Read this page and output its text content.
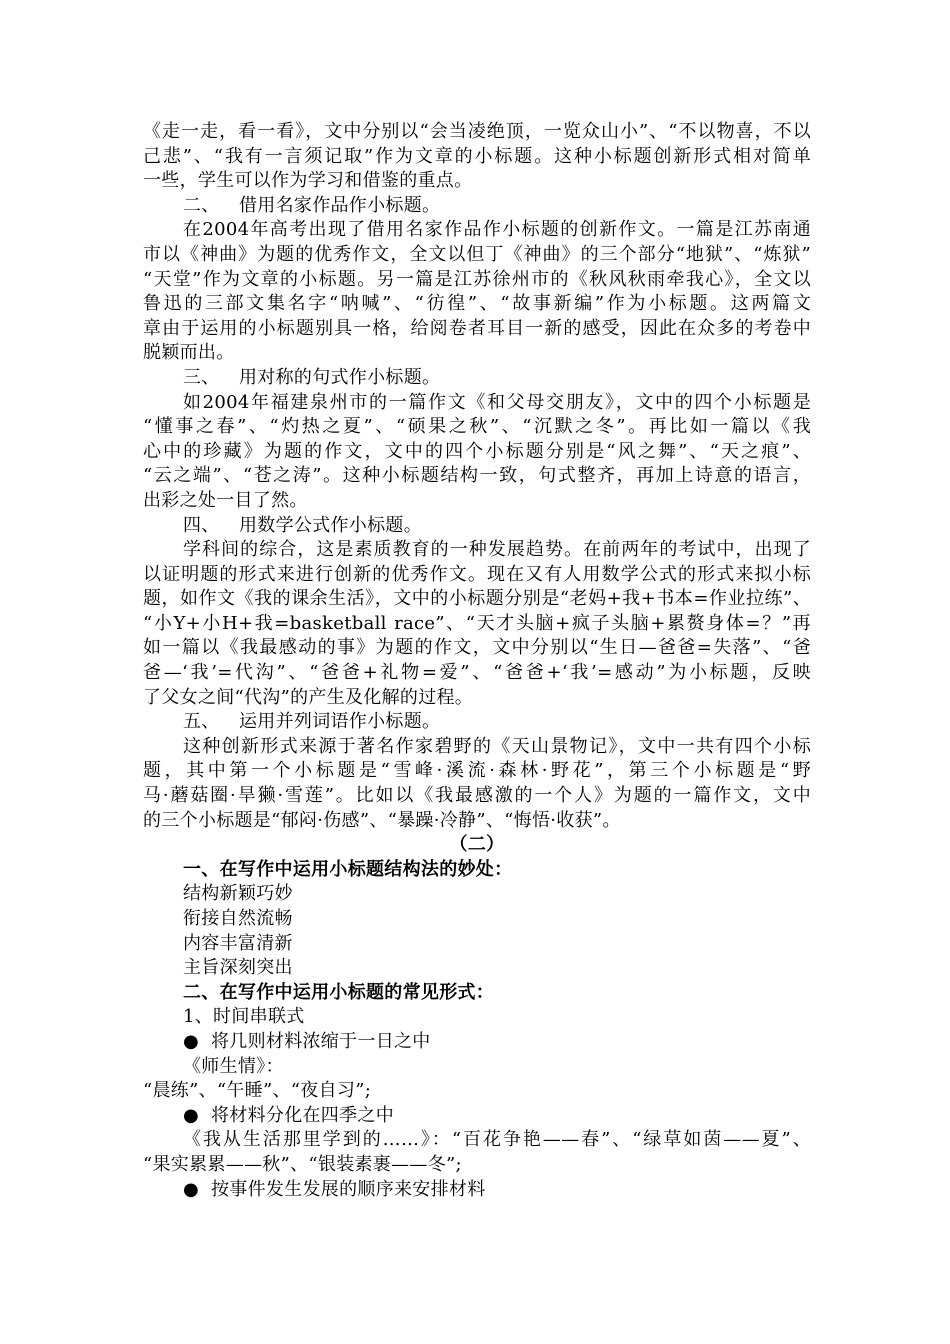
《走一走，看一看》，文中分别以“会当凌绝顶，一览众山小”、“不以物喜，不以
己悲”、“我有一言须记取”作为文章的小标题。这种小标题创新形式相对简单
一些，学生可以作为学习和借鉴的重点。
二、 借用名家作品作小标题。
在2004年高考出现了借用名家作品作小标题的创新作文。一篇是江苏南通
市以《神曲》为题的优秀作文，全文以但丁《神曲》的三个部分“地狱”、“炼狱”
“天堂”作为文章的小标题。另一篇是江苏徐州市的《秋风秋雨牵我心》，全文以
鲁迅的三部文集名字“呐喊”、“彷徨”、“故事新编”作为小标题。这两篇文
章由于运用的小标题别具一格，给阅卷者耳目一新的感受，因此在众多的考卷中
脱颖而出。
三、 用对称的句式作小标题。
如2004年福建泉州市的一篇作文《和父母交朋友》，文中的四个小标题是
“懂事之春”、“灼热之夏”、“硕果之秋”、“沉默之冬”。再比如一篇以《我
心中的珍藏》为题的作文，文中的四个小标题分别是“风之舞”、“天之痕”、
“云之端”、“苍之涛”。这种小标题结构一致，句式整齐，再加上诗意的语言，
出彩之处一目了然。
四、 用数学公式作小标题。
学科间的综合，这是素质教育的一种发展趋势。在前两年的考试中，出现了
以证明题的形式来进行创新的优秀作文。现在又有人用数学公式的形式来拟小标
题，如作文《我的课余生活》，文中的小标题分别是“老妈+我+书本=作业拉练”、
“小Y+小H+我=basketball race”、“天才头脑+疯子头脑+累赘身体=？”再
如一篇以《我最感动的事》为题的作文，文中分别以“生日—爸爸=失落”、“爸
爸—‘我’=代沟”、“爸爸+礼物=爱”、“爸爸+‘我’=感动”为小标题，反映
了父女之间“代沟”的产生及化解的过程。
五、 运用并列词语作小标题。
这种创新形式来源于著名作家碧野的《天山景物记》，文中一共有四个小标
题，其中第一个小标题是“雪峰·溪流·森林·野花”，第三个小标题是“野
马·蘑菇圈·旱獭·雪莲”。比如以《我最感激的一个人》为题的一篇作文，文中
的三个小标题是“郁闷·伤感”、“暴躁·冷静”、“悔悟·收获”。
（二）
一、在写作中运用小标题结构法的妙处：
结构新颖巧妙
衔接自然流畅
内容丰富清新
主旨深刻突出
二、在写作中运用小标题的常见形式：
1、时间串联式
● 将几则材料浓缩于一日之中
《师生情》：
“晨练”、“午睡”、“夜自习”;
● 将材料分化在四季之中
《我从生活那里学到的……》：“百花争艳——春”、“绿草如茵——夏”、
“果实累累——秋”、“银装素裹——冬”;
● 按事件发生发展的顺序来安排材料
